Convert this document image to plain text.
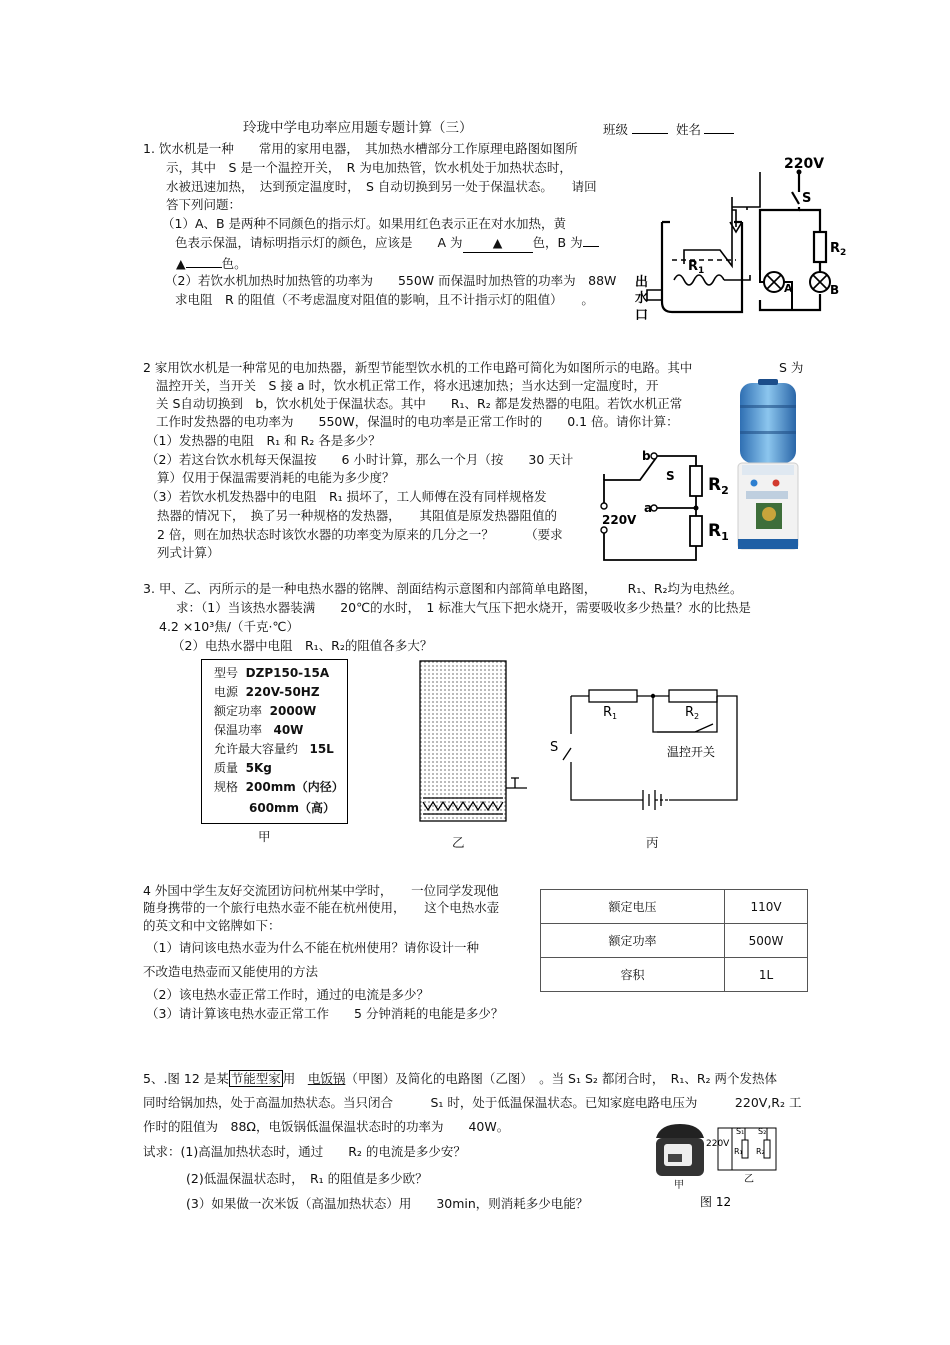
玲珑中学电功率应用题专题计算（三）	班级	姓名
1. 饮水机是一种　　常用的家用电器，　其加热水槽部分工作原理电路图如图所
示，其中　S 是一个温控开关，　R 为电加热管，饮水机处于加热状态时，
水被迅速加热，　达到预定温度时，　S 自动切换到另一处于保温状态。　　请回
答下列问题：
（1）A、B 是两种不同颜色的指示灯。如果用红色表示正在对水加热，黄
色表示保温，请标明指示灯的颜色，应该是　　A 为 ▲ 色，B 为
▲	色。
（2）若饮水机加热时加热管的功率为　　550W 而保温时加热管的功率为　88W
求电阻　R 的阻值（不考虑温度对阻值的影响，且不计指示灯的阻值）　　。
220V
S
$R_2$
$R_1$
A	B
出
水
口
2 家用饮水机是一种常见的电加热器，新型节能型饮水机的工作电路可简化为如图所示的电路。其中	S 为
温控开关，当开关　S 接 a 时，饮水机正常工作，将水迅速加热；当水达到一定温度时，开
关 S自动切换到　b，饮水机处于保温状态。其中　　R₁、R₂ 都是发热器的电阻。若饮水机正常
工作时发热器的电功率为　　550W，保温时的电功率是正常工作时的　　0.1 倍。请你计算：
（1）发热器的电阻　R₁ 和 R₂ 各是多少？
（2）若这台饮水机每天保温按　　6 小时计算，那么一个月（按　　30 天计
算）仅用于保温需要消耗的电能为多少度？
（3）若饮水机发热器中的电阻　R₁ 损坏了，工人师傅在没有同样规格发
热器的情况下，　换了另一种规格的发热器，　　其阻值是原发热器阻值的
2 倍，则在加热状态时该饮水器的功率变为原来的几分之一？　　　（要求
列式计算）
b
a
S
220V
$R_2$
$R_1$
3. 甲、乙、丙所示的是一种电热水器的铭牌、剖面结构示意图和内部简单电路图，　　　R₁、R₂均为电热丝。
求：（1）当该热水器装满　　20℃的水时，　1 标准大气压下把水烧开，需要吸收多少热量？水的比热是
4.2 ×10³焦/（千克·℃）
（2）电热水器中电阻　R₁、R₂的阻值各多大？
型号 DZP150-15A
电源 220V-50HZ
额定功率 2000W
保温功率 40W
允许最大容量约 15L
质量 5Kg
规格 200mm（内径）
600mm（高）
甲	乙
$R_1$	$R_2$
S	温控开关
丙
4 外国中学生友好交流团访问杭州某中学时，　　一位同学发现他
随身携带的一个旅行电热水壶不能在杭州使用，　　这个电热水壶
的英文和中文铭牌如下：
（1）请问该电热水壶为什么不能在杭州使用？请你设计一种
不改造电热壶而又能使用的方法
（2）该电热水壶正常工作时，通过的电流是多少？
（3）请计算该电热水壶正常工作　　5 分钟消耗的电能是多少？
额定电压	110V
额定功率	500W
容积	1L
5、.图 12 是某 节能型家 用　电饭锅（甲图）及简化的电路图（乙图）　。当 S₁ S₂ 都闭合时，　R₁、R₂ 两个发热体
同时给锅加热，处于高温加热状态。当只闭合　　　S₁ 时，处于低温保温状态。已知家庭电路电压为　　　220V,R₂ 工
作时的阻值为　88Ω，电饭锅低温保温状态时的功率为　　40W。
试求：(1)高温加热状态时，通过　　R₂ 的电流是多少安？
(2)低温保温状态时，　R₁ 的阻值是多少欧？
(3）如果做一次米饭（高温加热状态）用　　30min，则消耗多少电能？
220V
S₁ S₂
R₁ R₂
甲
乙
图 12
